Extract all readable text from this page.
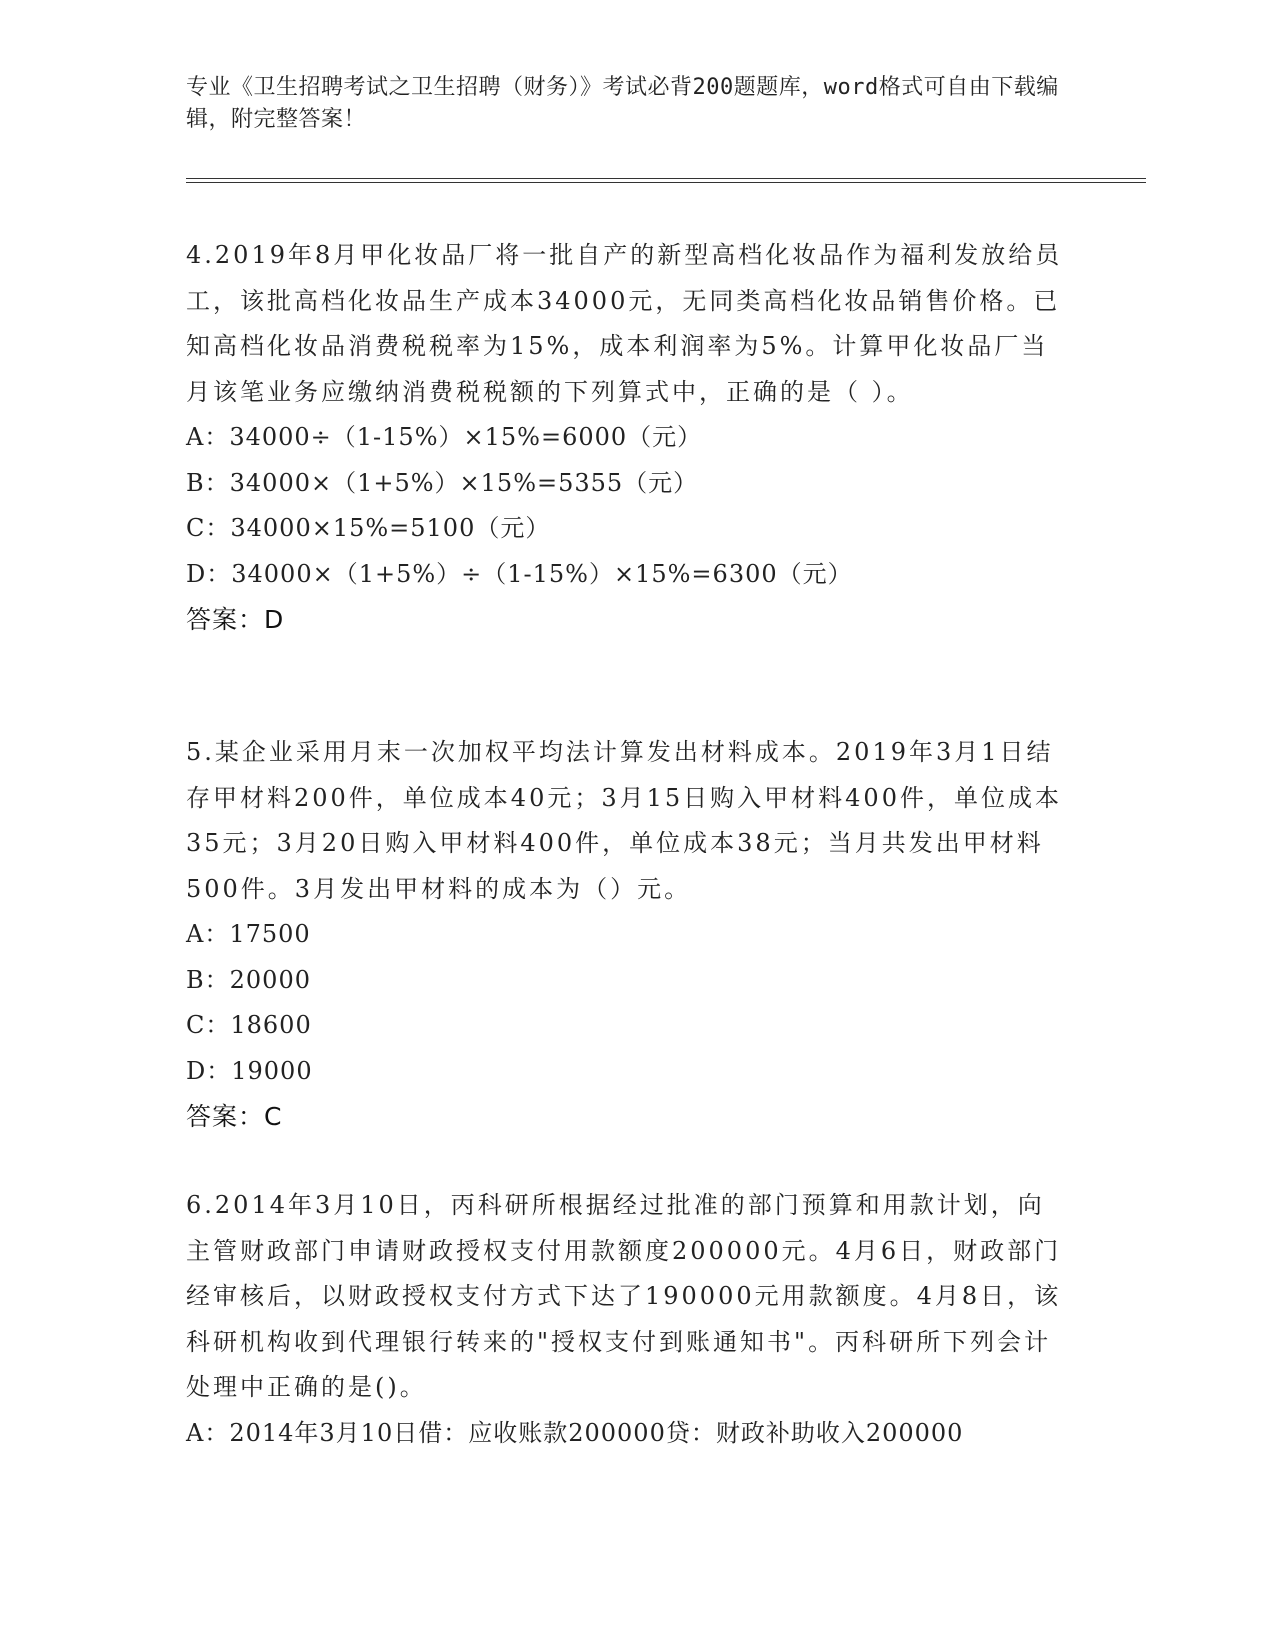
专业《卫生招聘考试之卫生招聘（财务）》考试必背200题题库，word格式可自由下载编辑，附完整答案！
4.2019年8月甲化妆品厂将一批自产的新型高档化妆品作为福利发放给员工，该批高档化妆品生产成本34000元，无同类高档化妆品销售价格。已知高档化妆品消费税税率为15%，成本利润率为5%。计算甲化妆品厂当月该笔业务应缴纳消费税税额的下列算式中，正确的是（ ）。
A：34000÷（1-15%）×15%=6000（元）
B：34000×（1+5%）×15%=5355（元）
C：34000×15%=5100（元）
D：34000×（1+5%）÷（1-15%）×15%=6300（元）
答案：D
5.某企业采用月末一次加权平均法计算发出材料成本。2019年3月1日结存甲材料200件，单位成本40元；3月15日购入甲材料400件，单位成本35元；3月20日购入甲材料400件，单位成本38元；当月共发出甲材料500件。3月发出甲材料的成本为（）元。
A：17500
B：20000
C：18600
D：19000
答案：C
6.2014年3月10日，丙科研所根据经过批准的部门预算和用款计划，向主管财政部门申请财政授权支付用款额度200000元。4月6日，财政部门经审核后，以财政授权支付方式下达了190000元用款额度。4月8日，该科研机构收到代理银行转来的"授权支付到账通知书"。丙科研所下列会计处理中正确的是()。
A：2014年3月10日借：应收账款200000贷：财政补助收入200000
